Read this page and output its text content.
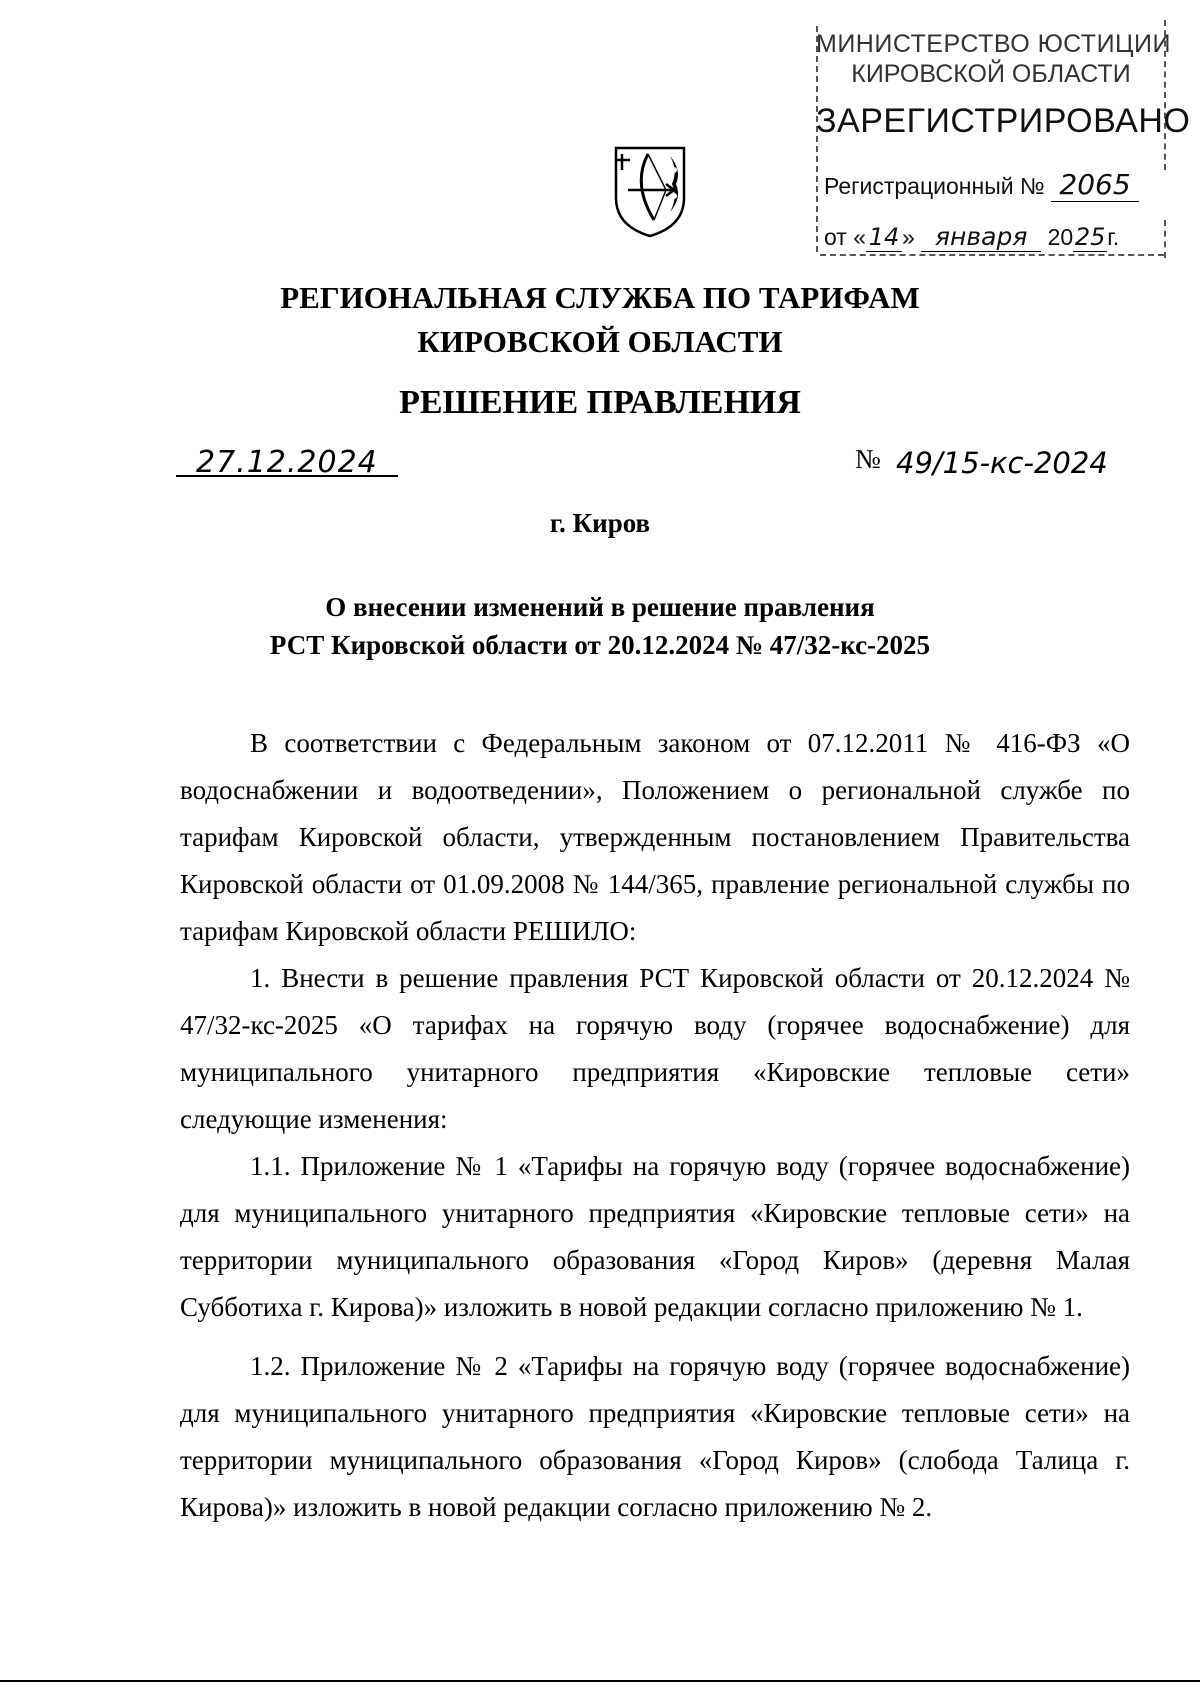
МИНИСТЕРСТВО ЮСТИЦИИ
КИРОВСКОЙ ОБЛАСТИ
ЗАРЕГИСТРИРОВАНО
Регистрационный № 2065
от « 14 » января 2025г.
РЕГИОНАЛЬНАЯ СЛУЖБА ПО ТАРИФАМ
КИРОВСКОЙ ОБЛАСТИ
РЕШЕНИЕ ПРАВЛЕНИЯ
27.12.2024	№ 49/15-кс-2024
г. Киров
О внесении изменений в решение правления
РСТ Кировской области от 20.12.2024 № 47/32-кс-2025

В соответствии с Федеральным законом от 07.12.2011 № 416-ФЗ «О водоснабжении и водоотведении», Положением о региональной службе по тарифам Кировской области, утвержденным постановлением Правительства Кировской области от 01.09.2008 № 144/365, правление региональной службы по тарифам Кировской области РЕШИЛО:

1. Внести в решение правления РСТ Кировской области от 20.12.2024 № 47/32-кс-2025 «О тарифах на горячую воду (горячее водоснабжение) для муниципального унитарного предприятия «Кировские тепловые сети» следующие изменения:

1.1. Приложение № 1 «Тарифы на горячую воду (горячее водоснабжение) для муниципального унитарного предприятия «Кировские тепловые сети» на территории муниципального образования «Город Киров» (деревня Малая Субботиха г. Кирова)» изложить в новой редакции согласно приложению № 1.

1.2. Приложение № 2 «Тарифы на горячую воду (горячее водоснабжение) для муниципального унитарного предприятия «Кировские тепловые сети» на территории муниципального образования «Город Киров» (слобода Талица г. Кирова)» изложить в новой редакции согласно приложению № 2.
